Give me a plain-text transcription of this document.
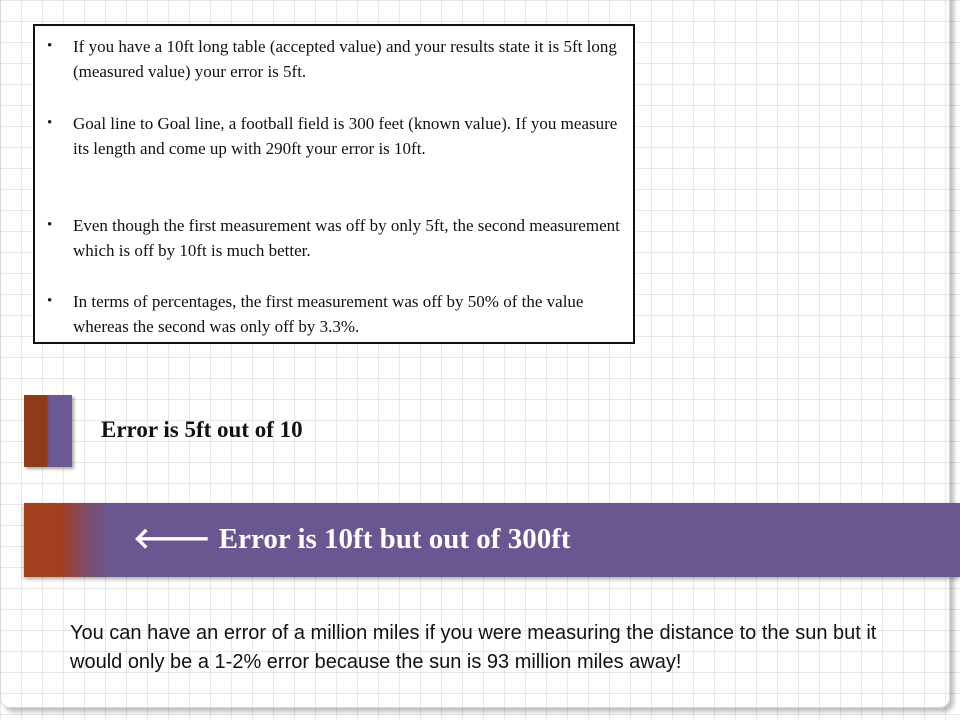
• If you have a 10ft long table (accepted value) and your results state it is 5ft long (measured value) your error is 5ft.
• Goal line to Goal line, a football field is 300 feet (known value). If you measure its length and come up with 290ft your error is 10ft.
• Even though the first measurement was off by only 5ft, the second measurement which is off by 10ft is much better.
• In terms of percentages, the first measurement was off by 50% of the value whereas the second was only off by 3.3%.
Error is 5ft out of 10
🡐 Error is 10ft but out of 300ft
You can have an error of a million miles if you were measuring the distance to the sun but it would only be a 1-2% error because the sun is 93 million miles away!
